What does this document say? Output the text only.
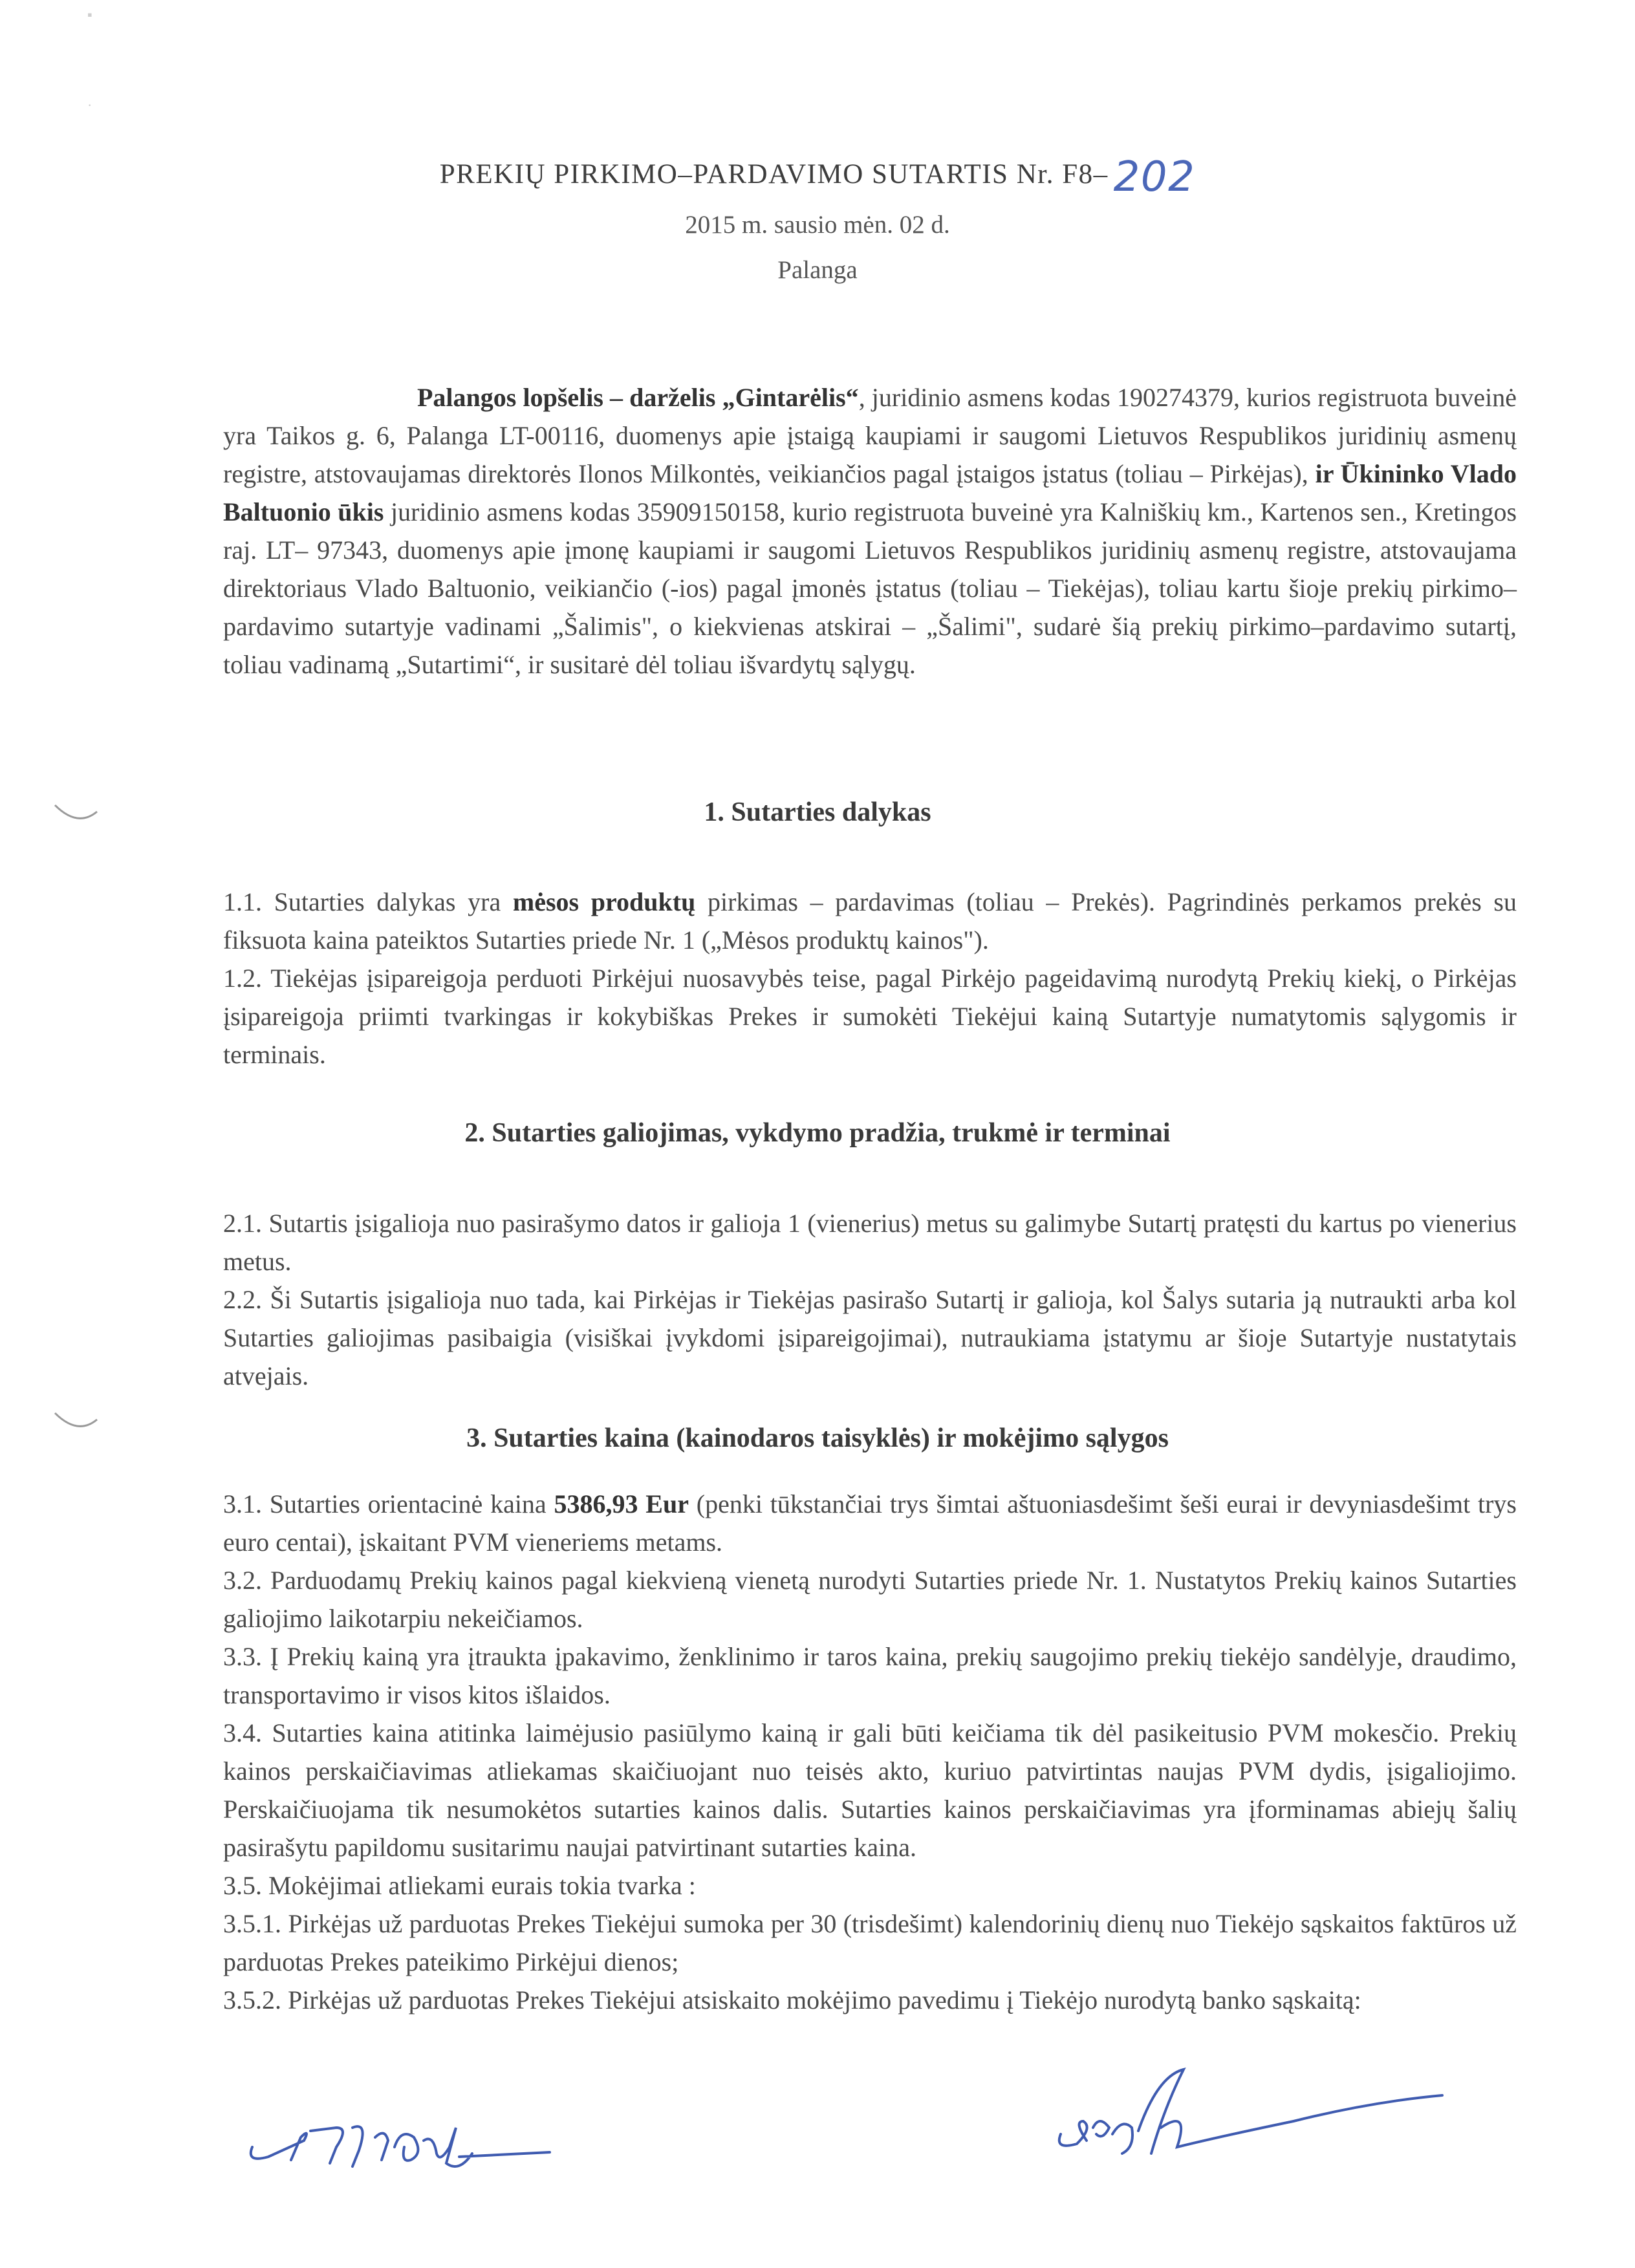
▪
·
PREKIŲ PIRKIMO–PARDAVIMO SUTARTIS Nr. F8– 202
2015 m. sausio mėn. 02 d.
Palanga

Palangos lopšelis – darželis „Gintarėlis“, juridinio asmens kodas 190274379, kurios registruota buveinė yra Taikos g. 6, Palanga LT-00116, duomenys apie įstaigą kaupiami ir saugomi Lietuvos Respublikos juridinių asmenų registre, atstovaujamas direktorės Ilonos Milkontės, veikiančios pagal įstaigos įstatus (toliau – Pirkėjas), ir Ūkininko Vlado Baltuonio ūkis juridinio asmens kodas 35909150158, kurio registruota buveinė yra Kalniškių km., Kartenos sen., Kretingos raj. LT– 97343, duomenys apie įmonę kaupiami ir saugomi Lietuvos Respublikos juridinių asmenų registre, atstovaujama direktoriaus Vlado Baltuonio, veikiančio (-ios) pagal įmonės įstatus (toliau – Tiekėjas), toliau kartu šioje prekių pirkimo–pardavimo sutartyje vadinami „Šalimis", o kiekvienas atskirai – „Šalimi", sudarė šią prekių pirkimo–pardavimo sutartį, toliau vadinamą „Sutartimi“, ir susitarė dėl toliau išvardytų sąlygų.

1. Sutarties dalykas

1.1. Sutarties dalykas yra mėsos produktų pirkimas – pardavimas (toliau – Prekės). Pagrindinės perkamos prekės su fiksuota kaina pateiktos Sutarties priede Nr. 1 („Mėsos produktų kainos").

1.2. Tiekėjas įsipareigoja perduoti Pirkėjui nuosavybės teise, pagal Pirkėjo pageidavimą nurodytą Prekių kiekį, o Pirkėjas įsipareigoja priimti tvarkingas ir kokybiškas Prekes ir sumokėti Tiekėjui kainą Sutartyje numatytomis sąlygomis ir terminais.

2. Sutarties galiojimas, vykdymo pradžia, trukmė ir terminai

2.1. Sutartis įsigalioja nuo pasirašymo datos ir galioja 1 (vienerius) metus su galimybe Sutartį pratęsti du kartus po vienerius metus.

2.2. Ši Sutartis įsigalioja nuo tada, kai Pirkėjas ir Tiekėjas pasirašo Sutartį ir galioja, kol Šalys sutaria ją nutraukti arba kol Sutarties galiojimas pasibaigia (visiškai įvykdomi įsipareigojimai), nutraukiama įstatymu ar šioje Sutartyje nustatytais atvejais.

3. Sutarties kaina (kainodaros taisyklės) ir mokėjimo sąlygos

3.1. Sutarties orientacinė kaina 5386,93 Eur (penki tūkstančiai trys šimtai aštuoniasdešimt šeši eurai ir devyniasdešimt trys euro centai), įskaitant PVM vieneriems metams.

3.2. Parduodamų Prekių kainos pagal kiekvieną vienetą nurodyti Sutarties priede Nr. 1. Nustatytos Prekių kainos Sutarties galiojimo laikotarpiu nekeičiamos.

3.3. Į Prekių kainą yra įtraukta įpakavimo, ženklinimo ir taros kaina, prekių saugojimo prekių tiekėjo sandėlyje, draudimo, transportavimo ir visos kitos išlaidos.

3.4. Sutarties kaina atitinka laimėjusio pasiūlymo kainą ir gali būti keičiama tik dėl pasikeitusio PVM mokesčio. Prekių kainos perskaičiavimas atliekamas skaičiuojant nuo teisės akto, kuriuo patvirtintas naujas PVM dydis, įsigaliojimo. Perskaičiuojama tik nesumokėtos sutarties kainos dalis. Sutarties kainos perskaičiavimas yra įforminamas abiejų šalių pasirašytu papildomu susitarimu naujai patvirtinant sutarties kaina.

3.5. Mokėjimai atliekami eurais tokia tvarka :

3.5.1. Pirkėjas už parduotas Prekes Tiekėjui sumoka per 30 (trisdešimt) kalendorinių dienų nuo Tiekėjo sąskaitos faktūros už parduotas Prekes pateikimo Pirkėjui dienos;

3.5.2. Pirkėjas už parduotas Prekes Tiekėjui atsiskaito mokėjimo pavedimu į Tiekėjo nurodytą banko sąskaitą:
